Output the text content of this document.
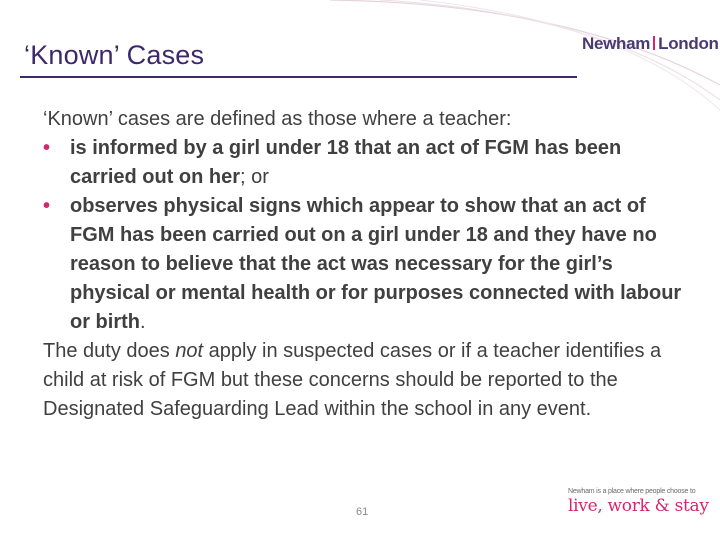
Newham London
‘Known’ Cases

‘Known’ cases are defined as those where a teacher:

• is informed by a girl under 18 that an act of FGM has been carried out on her; or
• observes physical signs which appear to show that an act of FGM has been carried out on a girl under 18 and they have no reason to believe that the act was necessary for the girl’s physical or mental health or for purposes connected with labour or birth.

The duty does not apply in suspected cases or if a teacher identifies a child at risk of FGM but these concerns should be reported to the Designated Safeguarding Lead within the school in any event.

61
Newham is a place where people choose to
live, work & stay
